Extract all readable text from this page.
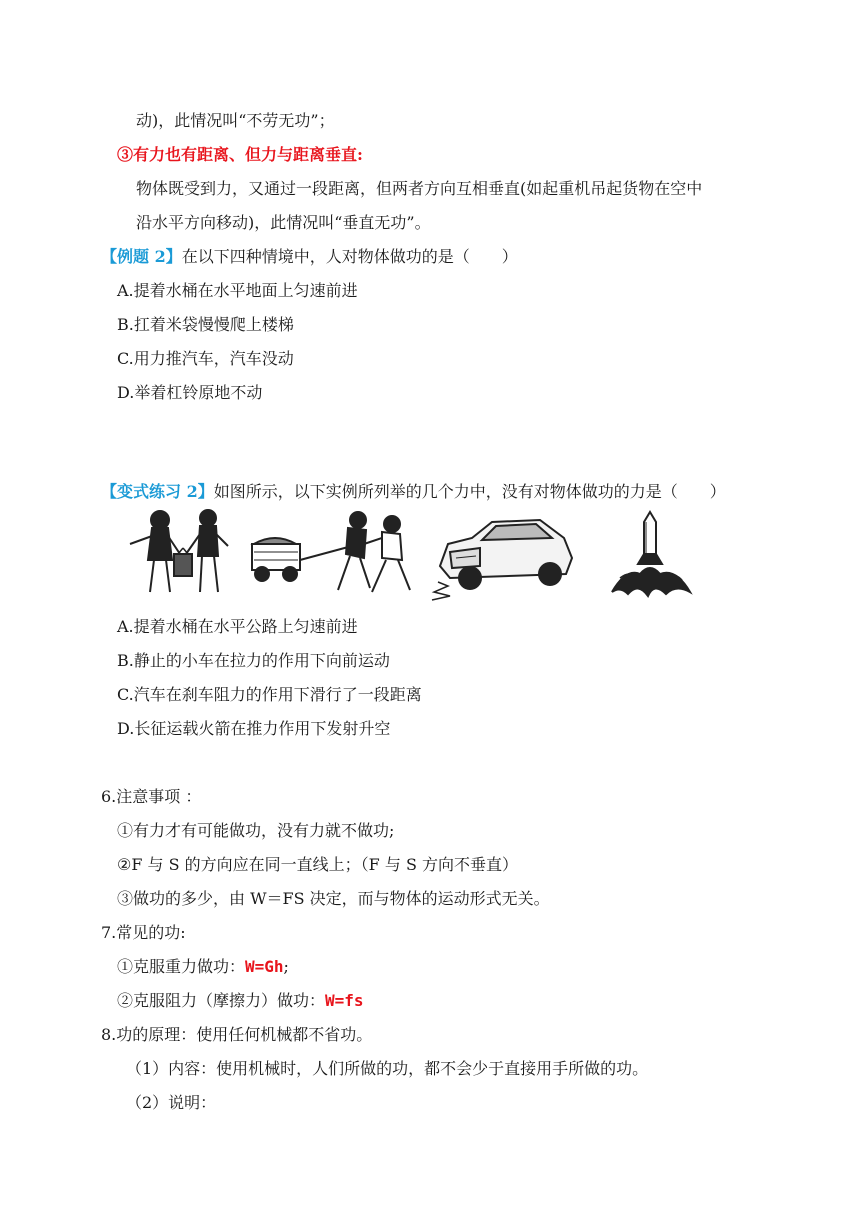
动)，此情况叫“不劳无功”；
③有力也有距离、但力与距离垂直:
物体既受到力，又通过一段距离，但两者方向互相垂直(如起重机吊起货物在空中
沿水平方向移动)，此情况叫“垂直无功”。
【例题 2】在以下四种情境中，人对物体做功的是（　　）
A.提着水桶在水平地面上匀速前进
B.扛着米袋慢慢爬上楼梯
C.用力推汽车，汽车没动
D.举着杠铃原地不动
【变式练习 2】如图所示，以下实例所列举的几个力中，没有对物体做功的力是（　　）
A.提着水桶在水平公路上匀速前进
B.静止的小车在拉力的作用下向前运动
C.汽车在刹车阻力的作用下滑行了一段距离
D.长征运载火箭在推力作用下发射升空
6.注意事项 ：
①有力才有可能做功，没有力就不做功;
②F 与 S 的方向应在同一直线上；（F 与 S 方向不垂直）
③做功的多少，由 W＝FS 决定，而与物体的运动形式无关。
7.常见的功:
①克服重力做功：W=Gh;
②克服阻力（摩擦力）做功：W=fs
8.功的原理：使用任何机械都不省功。
（1）内容：使用机械时，人们所做的功，都不会少于直接用手所做的功。
（2）说明：
